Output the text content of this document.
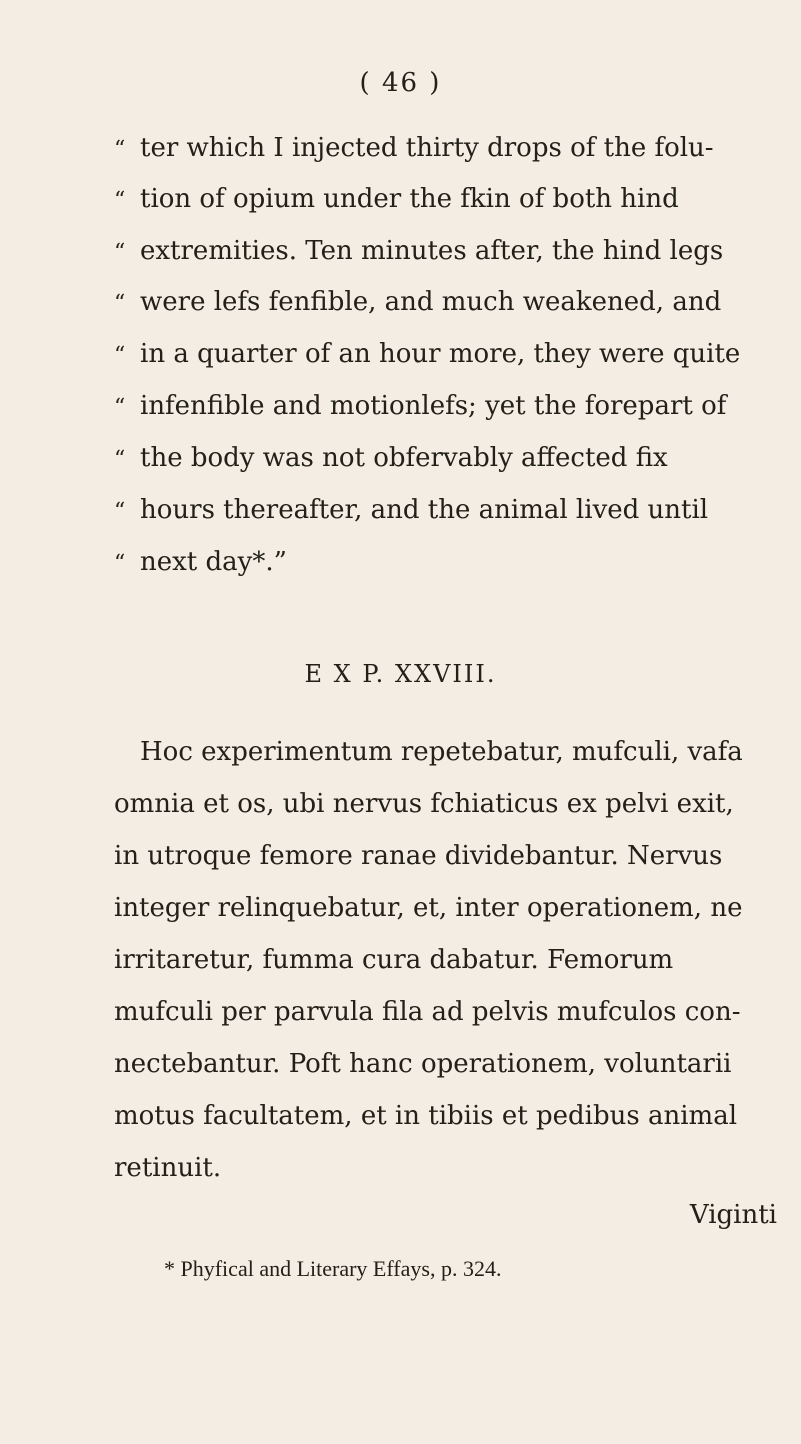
( 46 )
“ ter which I injected thirty drops of the folu-
“ tion of opium under the fkin of both hind
“ extremities. Ten minutes after, the hind legs
“ were lefs fenfible, and much weakened, and
“ in a quarter of an hour more, they were quite
“ infenfible and motionlefs; yet the forepart of
“ the body was not obfervably affected fix
“ hours thereafter, and the animal lived until
“ next day*.”
E X P. XXVIII.
Hoc experimentum repetebatur, mufculi, vafa
omnia et os, ubi nervus fchiaticus ex pelvi exit,
in utroque femore ranae dividebantur. Nervus
integer relinquebatur, et, inter operationem, ne
irritaretur, fumma cura dabatur. Femorum
mufculi per parvula fila ad pelvis mufculos con-
nectebantur. Poft hanc operationem, voluntarii
motus facultatem, et in tibiis et pedibus animal
retinuit.
Viginti
* Phyfical and Literary Effays, p. 324.
